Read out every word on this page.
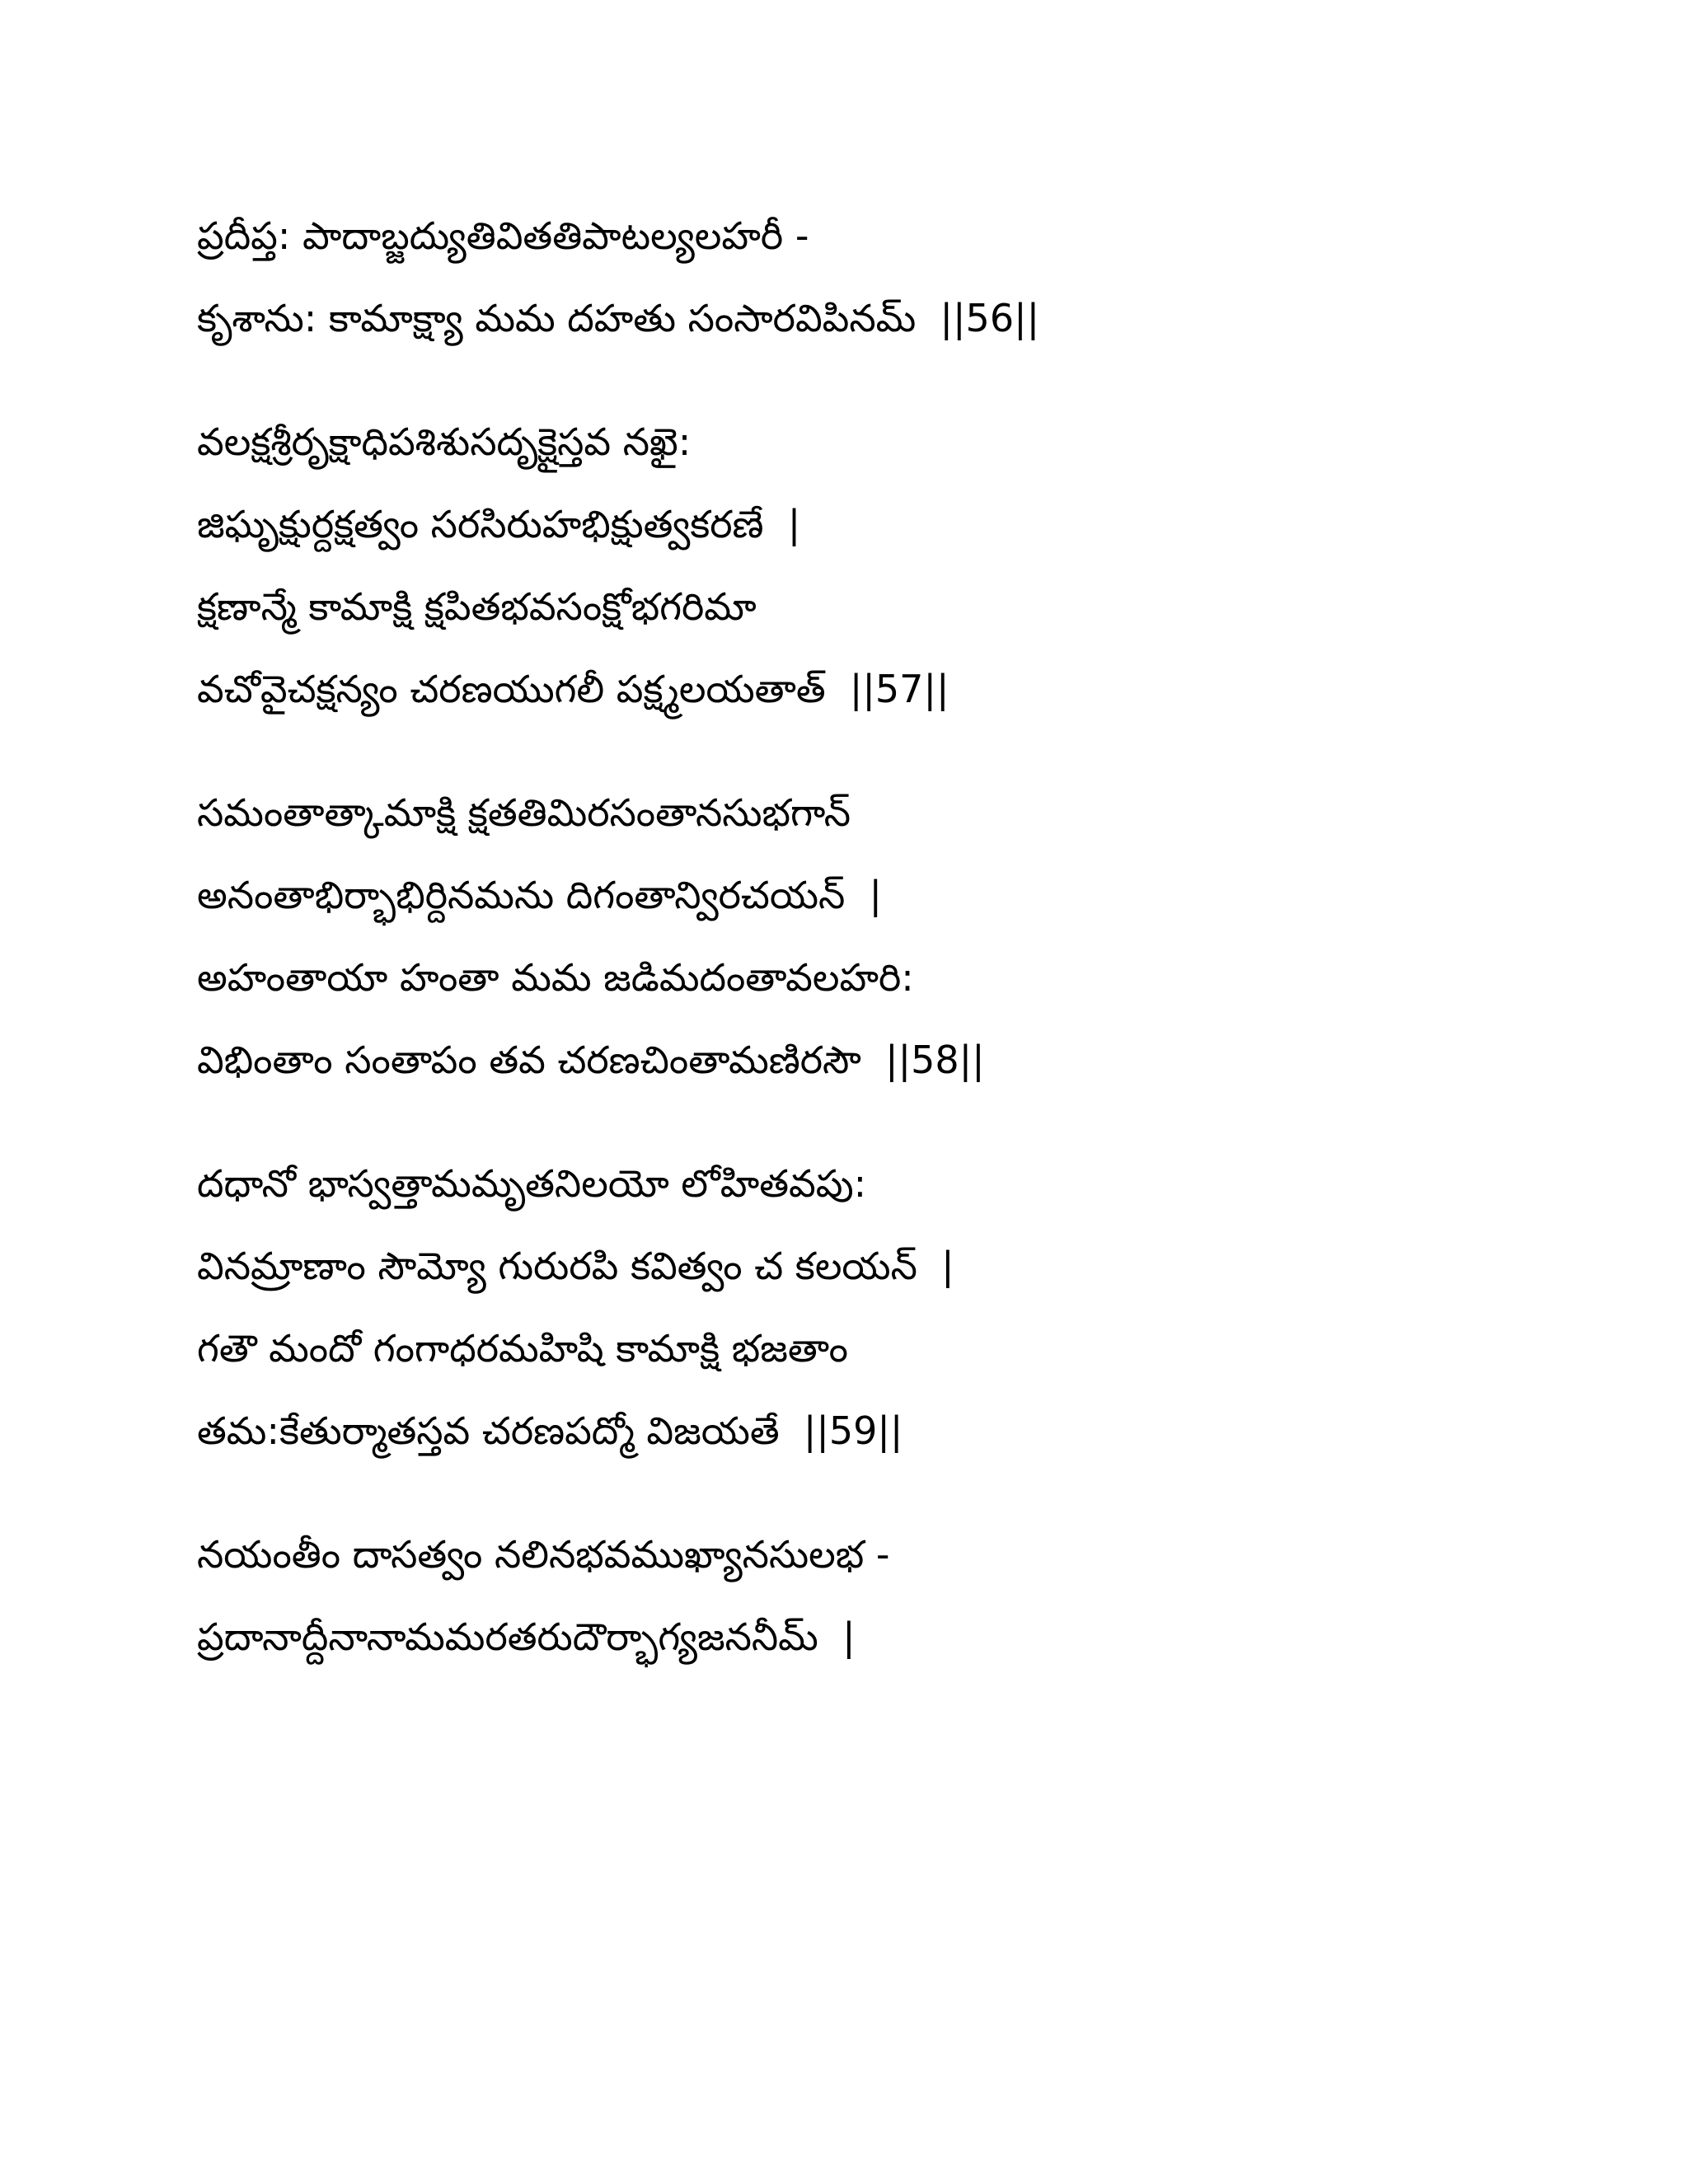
ప్రదీప్త: పాదాబ్జద్యుతివితతిపాటల్యలహరీ -
కృశాను: కామాక్ష్యా మమ దహతు సంసారవిపినమ్  ||56||
వలక్షశ్రీరృక్షాధిపశిశుసదృక్షైస్తవ నఖై:
జిఘృక్షుర్దక్షత్వం సరసిరుహభిక్షుత్వకరణే  |
క్షణాన్మే కామాక్షి క్షపితభవసంక్షోభగరిమా
వచోవైచక్షన్యం చరణయుగలీ పక్ష్మలయతాత్  ||57||
సమంతాత్కామాక్షి క్షతతిమిరసంతానసుభగాన్
అనంతాభిర్భాభిర్దినమను దిగంతాన్విరచయన్  |
అహంతాయా హంతా మమ జడిమదంతావలహరి:
విభింతాం సంతాపం తవ చరణచింతామణిరసౌ  ||58||
దధానో భాస్వత్తామమృతనిలయో లోహితవపు:
వినమ్రాణాం సౌమ్యో గురురపి కవిత్వం చ కలయన్  |
గతౌ మందో గంగాధరమహిషి కామాక్షి భజతాం
తమ:కేతుర్మాతస్తవ చరణపద్మో విజయతే  ||59||
నయంతీం దాసత్వం నలినభవముఖ్యానసులభ -
ప్రదానాద్దీనానామమరతరుదౌర్భాగ్యజననీమ్  |
